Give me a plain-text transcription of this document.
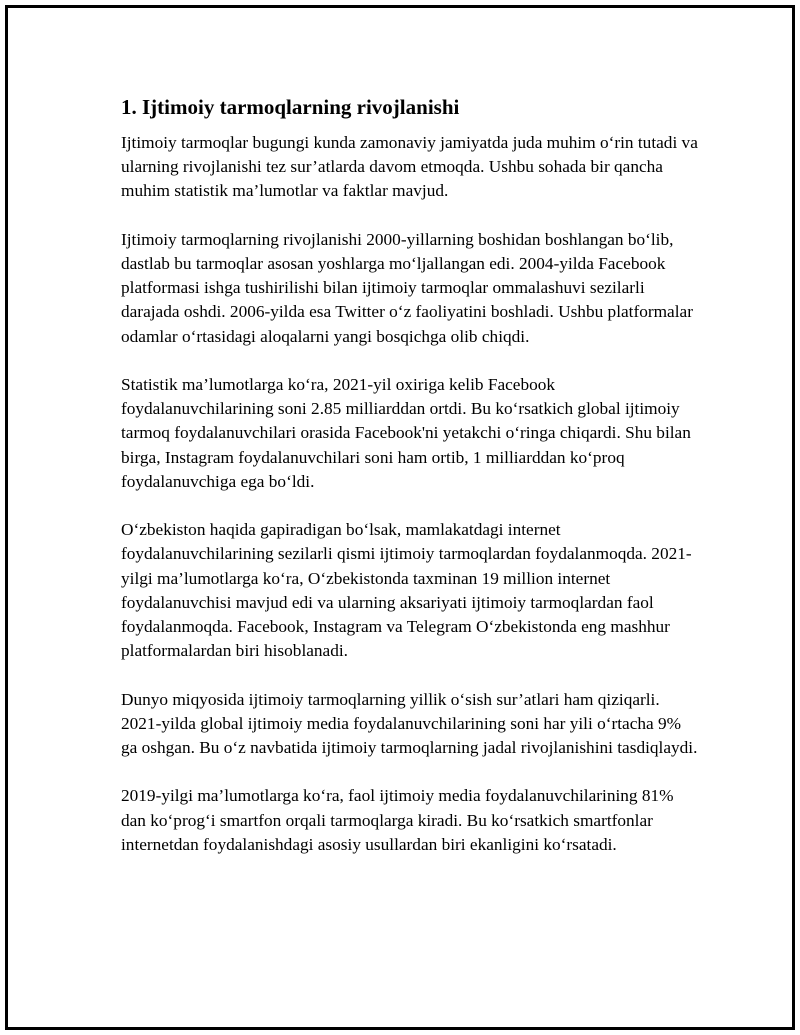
1. Ijtimoiy tarmoqlarning rivojlanishi

Ijtimoiy tarmoqlar bugungi kunda zamonaviy jamiyatda juda muhim o‘rin tutadi va ularning rivojlanishi tez sur’atlarda davom etmoqda. Ushbu sohada bir qancha muhim statistik ma’lumotlar va faktlar mavjud.

Ijtimoiy tarmoqlarning rivojlanishi 2000-yillarning boshidan boshlangan bo‘lib, dastlab bu tarmoqlar asosan yoshlarga mo‘ljallangan edi. 2004-yilda Facebook platformasi ishga tushirilishi bilan ijtimoiy tarmoqlar ommalashuvi sezilarli darajada oshdi. 2006-yilda esa Twitter o‘z faoliyatini boshladi. Ushbu platformalar odamlar o‘rtasidagi aloqalarni yangi bosqichga olib chiqdi.

Statistik ma’lumotlarga ko‘ra, 2021-yil oxiriga kelib Facebook foydalanuvchilarining soni 2.85 milliarddan ortdi. Bu ko‘rsatkich global ijtimoiy tarmoq foydalanuvchilari orasida Facebook'ni yetakchi o‘ringa chiqardi. Shu bilan birga, Instagram foydalanuvchilari soni ham ortib, 1 milliarddan ko‘proq foydalanuvchiga ega bo‘ldi.

O‘zbekiston haqida gapiradigan bo‘lsak, mamlakatdagi internet foydalanuvchilarining sezilarli qismi ijtimoiy tarmoqlardan foydalanmoqda. 2021-yilgi ma’lumotlarga ko‘ra, O‘zbekistonda taxminan 19 million internet foydalanuvchisi mavjud edi va ularning aksariyati ijtimoiy tarmoqlardan faol foydalanmoqda. Facebook, Instagram va Telegram O‘zbekistonda eng mashhur platformalardan biri hisoblanadi.

Dunyo miqyosida ijtimoiy tarmoqlarning yillik o‘sish sur’atlari ham qiziqarli. 2021-yilda global ijtimoiy media foydalanuvchilarining soni har yili o‘rtacha 9% ga oshgan. Bu o‘z navbatida ijtimoiy tarmoqlarning jadal rivojlanishini tasdiqlaydi.

2019-yilgi ma’lumotlarga ko‘ra, faol ijtimoiy media foydalanuvchilarining 81% dan ko‘prog‘i smartfon orqali tarmoqlarga kiradi. Bu ko‘rsatkich smartfonlar internetdan foydalanishdagi asosiy usullardan biri ekanligini ko‘rsatadi.
